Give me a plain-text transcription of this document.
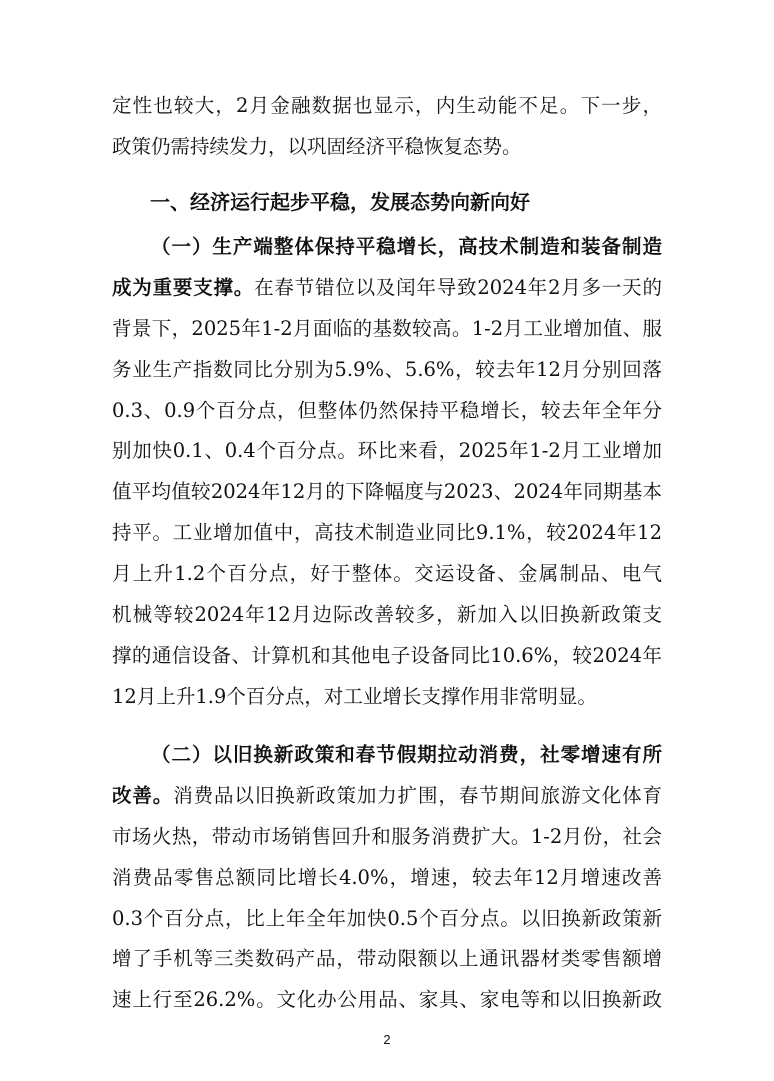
定性也较大，2月金融数据也显示，内生动能不足。下一步，
政策仍需持续发力，以巩固经济平稳恢复态势。
一、经济运行起步平稳，发展态势向新向好
（一）生产端整体保持平稳增长，高技术制造和装备制造
成为重要支撑。在春节错位以及闰年导致2024年2月多一天的
背景下，2025年1-2月面临的基数较高。1-2月工业增加值、服
务业生产指数同比分别为5.9%、5.6%，较去年12月分别回落
0.3、0.9个百分点，但整体仍然保持平稳增长，较去年全年分
别加快0.1、0.4个百分点。环比来看，2025年1-2月工业增加
值平均值较2024年12月的下降幅度与2023、2024年同期基本
持平。工业增加值中，高技术制造业同比9.1%，较2024年12
月上升1.2个百分点，好于整体。交运设备、金属制品、电气
机械等较2024年12月边际改善较多，新加入以旧换新政策支
撑的通信设备、计算机和其他电子设备同比10.6%，较2024年
12月上升1.9个百分点，对工业增长支撑作用非常明显。
（二）以旧换新政策和春节假期拉动消费，社零增速有所
改善。消费品以旧换新政策加力扩围，春节期间旅游文化体育
市场火热，带动市场销售回升和服务消费扩大。1-2月份，社会
消费品零售总额同比增长4.0%，增速，较去年12月增速改善
0.3个百分点，比上年全年加快0.5个百分点。以旧换新政策新
增了手机等三类数码产品，带动限额以上通讯器材类零售额增
速上行至26.2%。文化办公用品、家具、家电等和以旧换新政
2
